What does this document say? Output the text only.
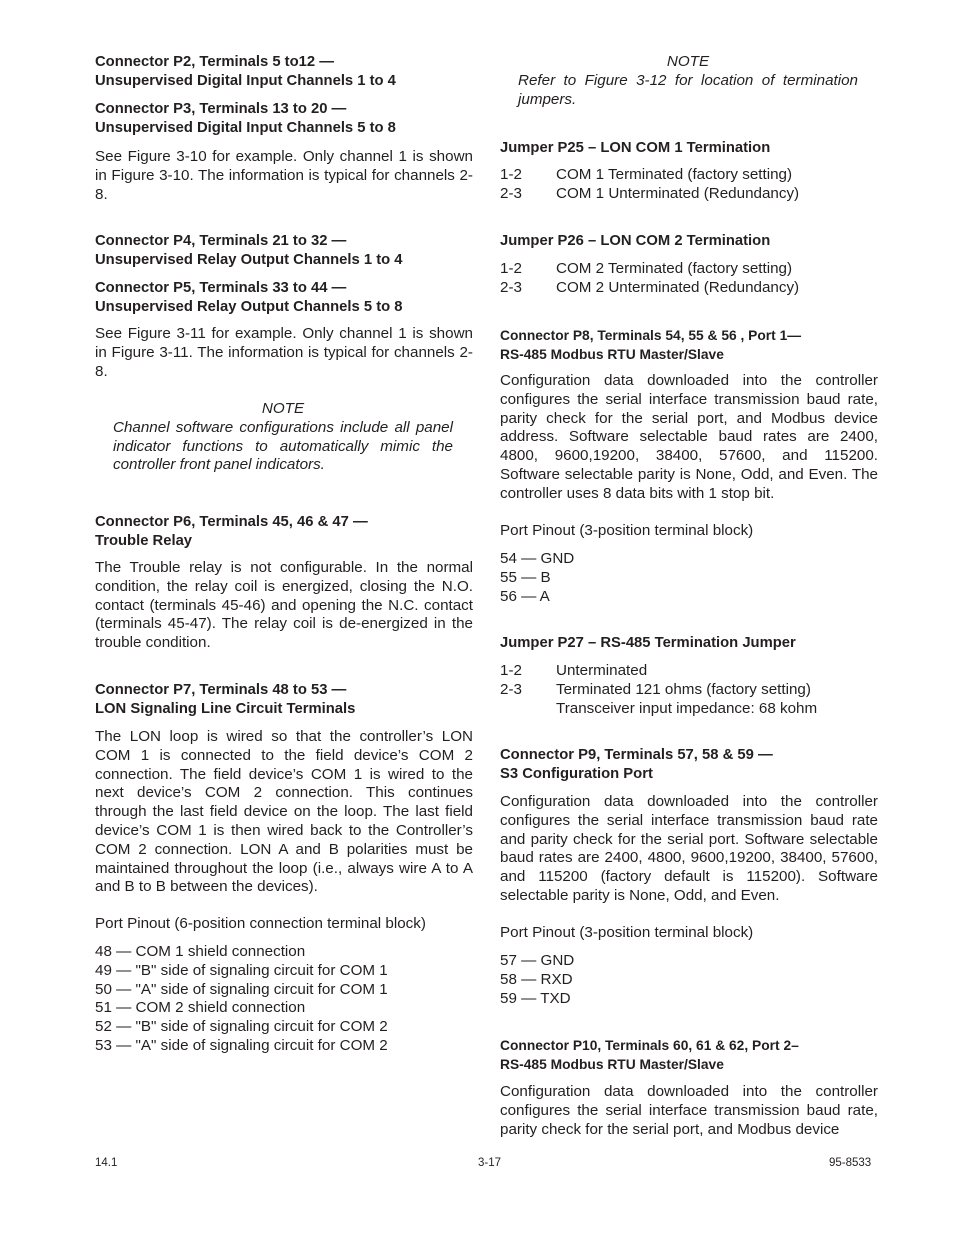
Connector P2, Terminals 5 to12 —

Unsupervised Digital Input Channels 1 to 4

Connector P3, Terminals 13 to 20 —

Unsupervised Digital Input Channels 5 to 8

See Figure 3-10 for example. Only channel 1 is shown in Figure 3-10. The information is typical for channels 2-8.

Connector P4, Terminals 21 to 32 —

Unsupervised Relay Output Channels 1 to 4

Connector P5, Terminals 33 to 44 —

Unsupervised Relay Output Channels 5 to 8

See Figure 3-11 for example. Only channel 1 is shown in Figure 3-11. The information is typical for channels 2-8.

NOTE

Channel software configurations include all panel indicator functions to automatically mimic the controller front panel indicators.

Connector P6, Terminals 45, 46 & 47 —

Trouble Relay

The Trouble relay is not configurable. In the normal condition, the relay coil is energized, closing the N.O. contact (terminals 45-46) and opening the N.C. contact (terminals 45-47). The relay coil is de-energized in the trouble condition.

Connector P7, Terminals 48 to 53 —

LON Signaling Line Circuit Terminals

The LON loop is wired so that the controller’s LON COM 1 is connected to the field device’s COM 2 connection. The field device’s COM 1 is wired to the next device’s COM 2 connection. This continues through the last field device on the loop. The last field device’s COM 1 is then wired back to the Controller’s COM 2 connection. LON A and B polarities must be maintained throughout the loop (i.e., always wire A to A and B to B between the devices).

Port Pinout (6-position connection terminal block)

48 — COM 1 shield connection

49 — "B" side of signaling circuit for COM 1

50 — "A" side of signaling circuit for COM 1

51 — COM 2 shield connection

52 — "B" side of signaling circuit for COM 2

53 — "A" side of signaling circuit for COM 2

NOTE

Refer to Figure 3-12 for location of termination jumpers.

Jumper P25 – LON COM 1 Termination

1-2	COM 1 Terminated (factory setting)
2-3	COM 1 Unterminated (Redundancy)

Jumper P26 – LON COM 2 Termination

1-2	COM 2 Terminated (factory setting)
2-3	COM 2 Unterminated (Redundancy)

Connector P8, Terminals 54, 55 & 56 , Port 1—

RS-485 Modbus RTU Master/Slave

Configuration data downloaded into the controller configures the serial interface transmission baud rate, parity check for the serial port, and Modbus device address. Software selectable baud rates are 2400, 4800, 9600,19200, 38400, 57600, and 115200. Software selectable parity is None, Odd, and Even. The controller uses 8 data bits with 1 stop bit.

Port Pinout (3-position terminal block)

54 — GND

55 — B

56 — A

Jumper P27 – RS-485 Termination Jumper

1-2	Unterminated
2-3	Terminated 121 ohms (factory setting)
Transceiver input impedance: 68 kohm

Connector P9, Terminals 57, 58 & 59 —

S3 Configuration Port

Configuration data downloaded into the controller configures the serial interface transmission baud rate and parity check for the serial port. Software selectable baud rates are 2400, 4800, 9600,19200, 38400, 57600, and 115200 (factory default is 115200). Software selectable parity is None, Odd, and Even.

Port Pinout (3-position terminal block)

57 — GND

58 — RXD

59 — TXD

Connector P10, Terminals 60, 61 & 62, Port 2–

RS-485 Modbus RTU Master/Slave

Configuration data downloaded into the controller configures the serial interface transmission baud rate, parity check for the serial port, and Modbus device

14.1	3-17	95-8533
